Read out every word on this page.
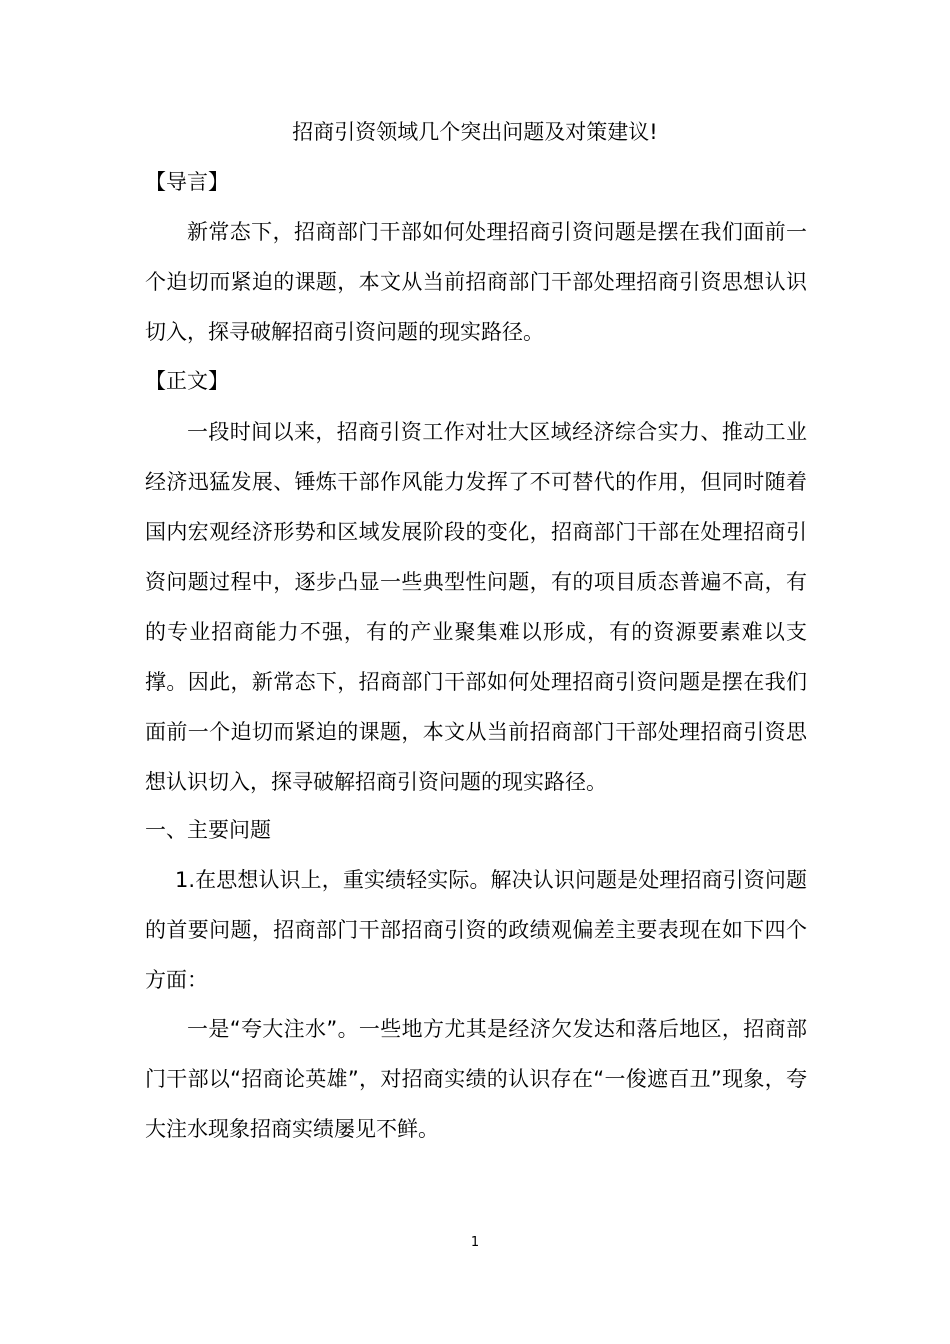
招商引资领域几个突出问题及对策建议!
【导言】

新常态下，招商部门干部如何处理招商引资问题是摆在我们面前一个迫切而紧迫的课题，本文从当前招商部门干部处理招商引资思想认识切入，探寻破解招商引资问题的现实路径。

【正文】

一段时间以来，招商引资工作对壮大区域经济综合实力、推动工业经济迅猛发展、锤炼干部作风能力发挥了不可替代的作用，但同时随着国内宏观经济形势和区域发展阶段的变化，招商部门干部在处理招商引资问题过程中，逐步凸显一些典型性问题，有的项目质态普遍不高，有的专业招商能力不强，有的产业聚集难以形成，有的资源要素难以支撑。因此，新常态下，招商部门干部如何处理招商引资问题是摆在我们面前一个迫切而紧迫的课题，本文从当前招商部门干部处理招商引资思想认识切入，探寻破解招商引资问题的现实路径。

一、主要问题

1.在思想认识上，重实绩轻实际。解决认识问题是处理招商引资问题的首要问题，招商部门干部招商引资的政绩观偏差主要表现在如下四个方面：

一是“夸大注水”。一些地方尤其是经济欠发达和落后地区，招商部门干部以“招商论英雄”，对招商实绩的认识存在“一俊遮百丑”现象，夸大注水现象招商实绩屡见不鲜。

1
